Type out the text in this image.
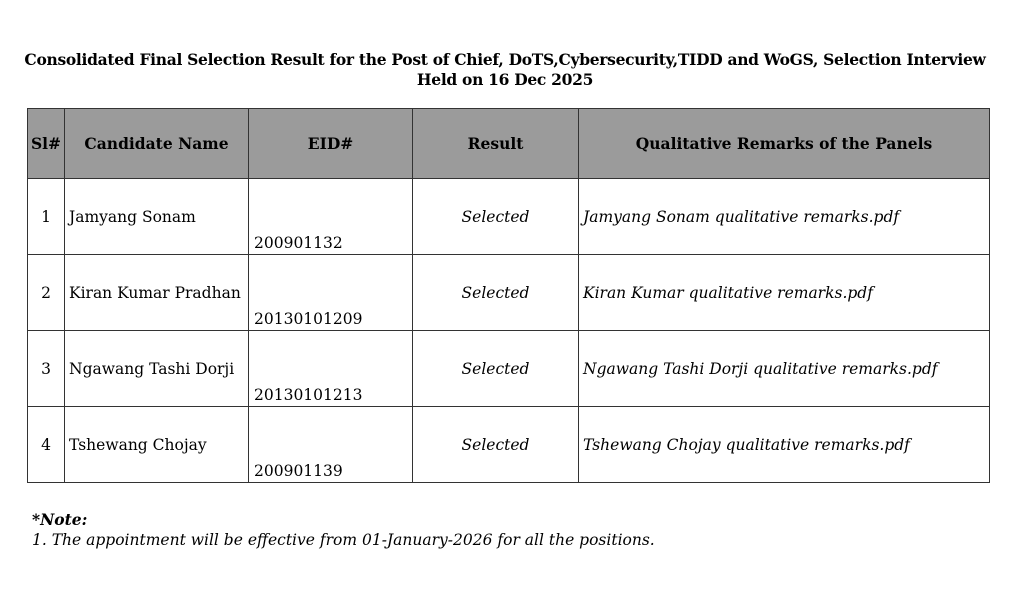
Consolidated Final Selection Result for the Post of Chief, DoTS,Cybersecurity,TIDD and WoGS, Selection Interview
Held on 16 Dec 2025
Sl#	Candidate Name	EID#	Result	Qualitative Remarks of the Panels
1	Jamyang Sonam	200901132	Selected	Jamyang Sonam qualitative remarks.pdf
2	Kiran Kumar Pradhan	20130101209	Selected	Kiran Kumar qualitative remarks.pdf
3	Ngawang Tashi Dorji	20130101213	Selected	Ngawang Tashi Dorji qualitative remarks.pdf
4	Tshewang Chojay	200901139	Selected	Tshewang Chojay qualitative remarks.pdf
*Note:
1. The appointment will be effective from 01-January-2026 for all the positions.
